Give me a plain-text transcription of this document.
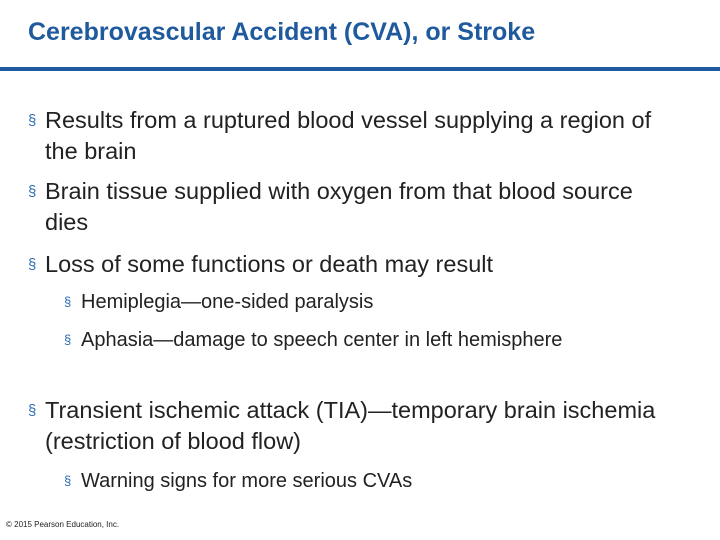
Cerebrovascular Accident (CVA), or Stroke
§ Results from a ruptured blood vessel supplying a region of the brain
§ Brain tissue supplied with oxygen from that blood source dies
§ Loss of some functions or death may result
§ Hemiplegia—one-sided paralysis
§ Aphasia—damage to speech center in left hemisphere
§ Transient ischemic attack (TIA)—temporary brain ischemia (restriction of blood flow)
§ Warning signs for more serious CVAs
© 2015 Pearson Education, Inc.
